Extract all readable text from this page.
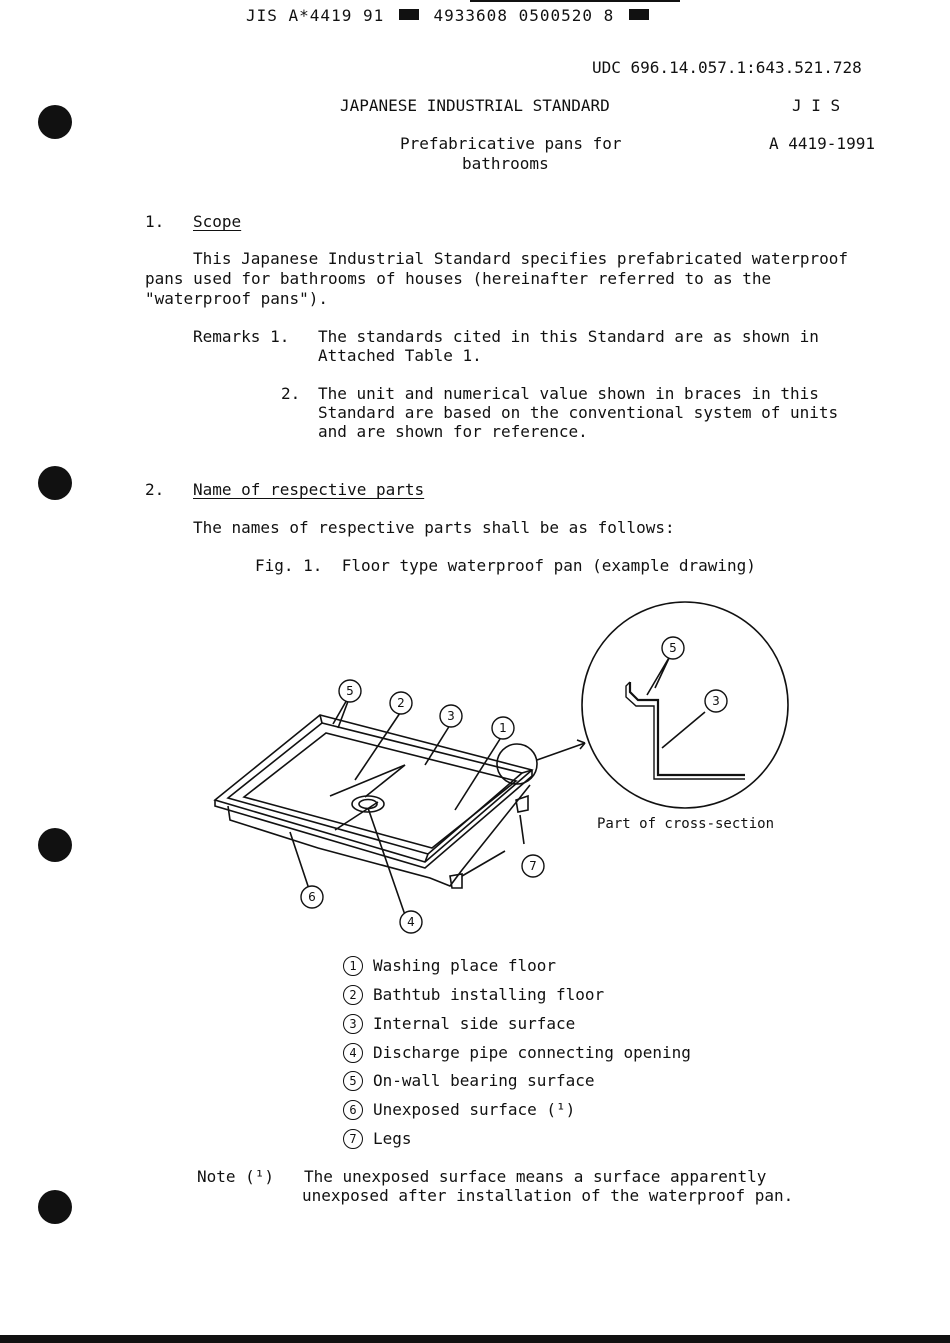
JIS A*4419 91	4933608 0500520 8
UDC 696.14.057.1:643.521.728
JAPANESE INDUSTRIAL STANDARD	J I S
Prefabricative pans for
bathrooms
A 4419-1991
1. Scope
This Japanese Industrial Standard specifies prefabricated waterproof
pans used for bathrooms of houses (hereinafter referred to as the
"waterproof pans").
Remarks 1. The standards cited in this Standard are as shown in
Attached Table 1.
2. The unit and numerical value shown in braces in this
Standard are based on the conventional system of units
and are shown for reference.
2. Name of respective parts
The names of respective parts shall be as follows:
Fig. 1.  Floor type waterproof pan (example drawing)
5
2
3
1
7
4
6
5
3
Part of cross-section
1 Washing place floor
2 Bathtub installing floor
3 Internal side surface
4 Discharge pipe connecting opening
5 On-wall bearing surface
6 Unexposed surface (¹)
7 Legs
Note (¹) The unexposed surface means a surface apparently
unexposed after installation of the waterproof pan.
